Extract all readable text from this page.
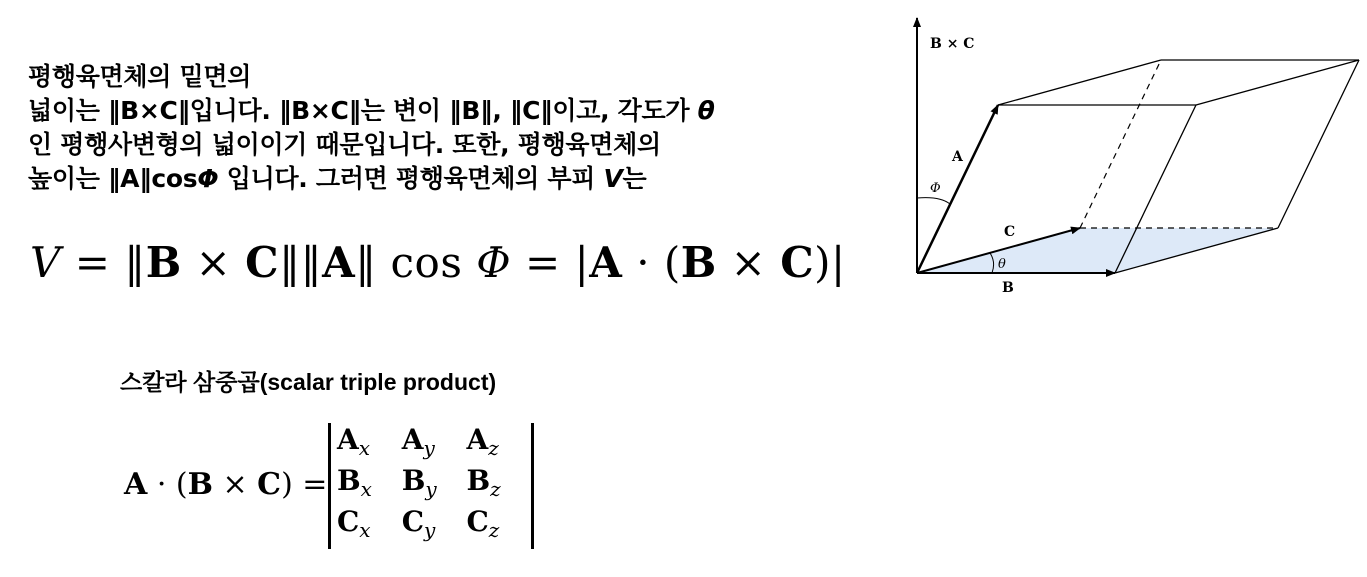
평행육면체의 밑면의
넓이는 ‖B×C‖입니다. ‖B×C‖는 변이 ‖B‖, ‖C‖이고, 각도가 θ
인 평행사변형의 넓이이기 때문입니다. 또한, 평행육면체의
높이는 ‖A‖cosΦ 입니다. 그러면 평행육면체의 부피 V는
V = ‖B × C‖‖A‖ cos Φ = |A · (B × C)|
스칼라 삼중곱(scalar triple product)
A · (B × C) =
$A_x$	$A_y$	$A_z$
$B_x$	$B_y$	$B_z$
$C_x$	$C_y$	$C_z$
B × C
A
Φ
C
θ
B
